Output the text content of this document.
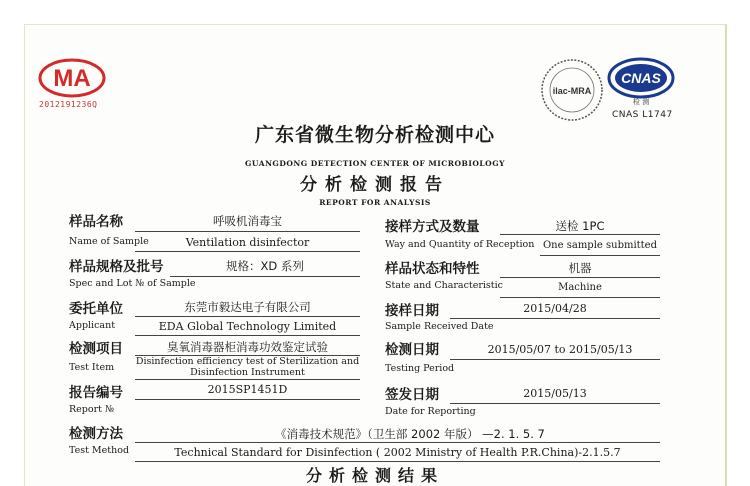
MA
2012191236Q
ilac-MRA
CNAS
检 测
CNAS L1747
广东省微生物分析检测中心
GUANGDONG DETECTION CENTER OF MICROBIOLOGY
分析检测报告
REPORT FOR ANALYSIS
样品名称	呼吸机消毒宝
Name of Sample	Ventilation disinfector
样品规格及批号	规格：XD 系列
Spec and Lot № of Sample
委托单位	东莞市毅达电子有限公司
Applicant	EDA Global Technology Limited
检测项目	臭氧消毒器柜消毒功效鉴定试验
Test Item
Disinfection efficiency test of Sterilization and Disinfection Instrument
报告编号	2015SP1451D
Report №
接样方式及数量	送检 1PC
Way and Quantity of Reception One sample submitted
样品状态和特性	机器
State and Characteristic	Machine
接样日期	2015/04/28
Sample Received Date
检测日期	2015/05/07 to 2015/05/13
Testing Period
签发日期	2015/05/13
Date for Reporting
检测方法	《消毒技术规范》（卫生部 2002 年版） —2. 1. 5. 7
Test Method	Technical Standard for Disinfection ( 2002 Ministry of Health P.R.China)-2.1.5.7
分析检测结果
